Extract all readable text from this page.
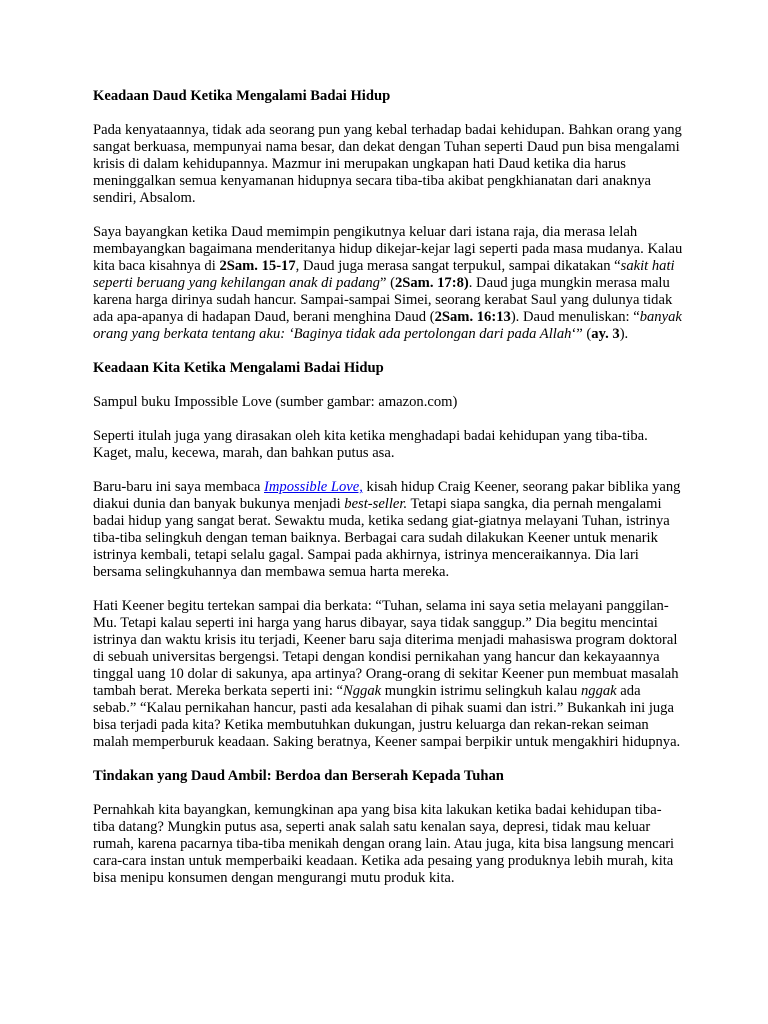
Keadaan Daud Ketika Mengalami Badai Hidup

Pada kenyataannya, tidak ada seorang pun yang kebal terhadap badai kehidupan. Bahkan orang yang sangat berkuasa, mempunyai nama besar, dan dekat dengan Tuhan seperti Daud pun bisa mengalami krisis di dalam kehidupannya. Mazmur ini merupakan ungkapan hati Daud ketika dia harus meninggalkan semua kenyamanan hidupnya secara tiba-tiba akibat pengkhianatan dari anaknya sendiri, Absalom.

Saya bayangkan ketika Daud memimpin pengikutnya keluar dari istana raja, dia merasa lelah membayangkan bagaimana menderitanya hidup dikejar-kejar lagi seperti pada masa mudanya. Kalau kita baca kisahnya di 2Sam. 15-17, Daud juga merasa sangat terpukul, sampai dikatakan “sakit hati seperti beruang yang kehilangan anak di padang” (2Sam. 17:8). Daud juga mungkin merasa malu karena harga dirinya sudah hancur. Sampai-sampai Simei, seorang kerabat Saul yang dulunya tidak ada apa-apanya di hadapan Daud, berani menghina Daud (2Sam. 16:13). Daud menuliskan: “banyak orang yang berkata tentang aku: ‘Baginya tidak ada pertolongan dari pada Allah‘” (ay. 3).

Keadaan Kita Ketika Mengalami Badai Hidup

Sampul buku Impossible Love (sumber gambar: amazon.com)

Seperti itulah juga yang dirasakan oleh kita ketika menghadapi badai kehidupan yang tiba-tiba. Kaget, malu, kecewa, marah, dan bahkan putus asa.

Baru-baru ini saya membaca Impossible Love, kisah hidup Craig Keener, seorang pakar biblika yang diakui dunia dan banyak bukunya menjadi best-seller. Tetapi siapa sangka, dia pernah mengalami badai hidup yang sangat berat. Sewaktu muda, ketika sedang giat-giatnya melayani Tuhan, istrinya tiba-tiba selingkuh dengan teman baiknya. Berbagai cara sudah dilakukan Keener untuk menarik istrinya kembali, tetapi selalu gagal. Sampai pada akhirnya, istrinya menceraikannya. Dia lari bersama selingkuhannya dan membawa semua harta mereka.

Hati Keener begitu tertekan sampai dia berkata: “Tuhan, selama ini saya setia melayani panggilan-Mu. Tetapi kalau seperti ini harga yang harus dibayar, saya tidak sanggup.” Dia begitu mencintai istrinya dan waktu krisis itu terjadi, Keener baru saja diterima menjadi mahasiswa program doktoral di sebuah universitas bergengsi. Tetapi dengan kondisi pernikahan yang hancur dan kekayaannya tinggal uang 10 dolar di sakunya, apa artinya? Orang-orang di sekitar Keener pun membuat masalah tambah berat. Mereka berkata seperti ini: “Nggak mungkin istrimu selingkuh kalau nggak ada sebab.” “Kalau pernikahan hancur, pasti ada kesalahan di pihak suami dan istri.” Bukankah ini juga bisa terjadi pada kita? Ketika membutuhkan dukungan, justru keluarga dan rekan-rekan seiman malah memperburuk keadaan. Saking beratnya, Keener sampai berpikir untuk mengakhiri hidupnya.

Tindakan yang Daud Ambil: Berdoa dan Berserah Kepada Tuhan

Pernahkah kita bayangkan, kemungkinan apa yang bisa kita lakukan ketika badai kehidupan tiba-tiba datang? Mungkin putus asa, seperti anak salah satu kenalan saya, depresi, tidak mau keluar rumah, karena pacarnya tiba-tiba menikah dengan orang lain. Atau juga, kita bisa langsung mencari cara-cara instan untuk memperbaiki keadaan. Ketika ada pesaing yang produknya lebih murah, kita bisa menipu konsumen dengan mengurangi mutu produk kita.
